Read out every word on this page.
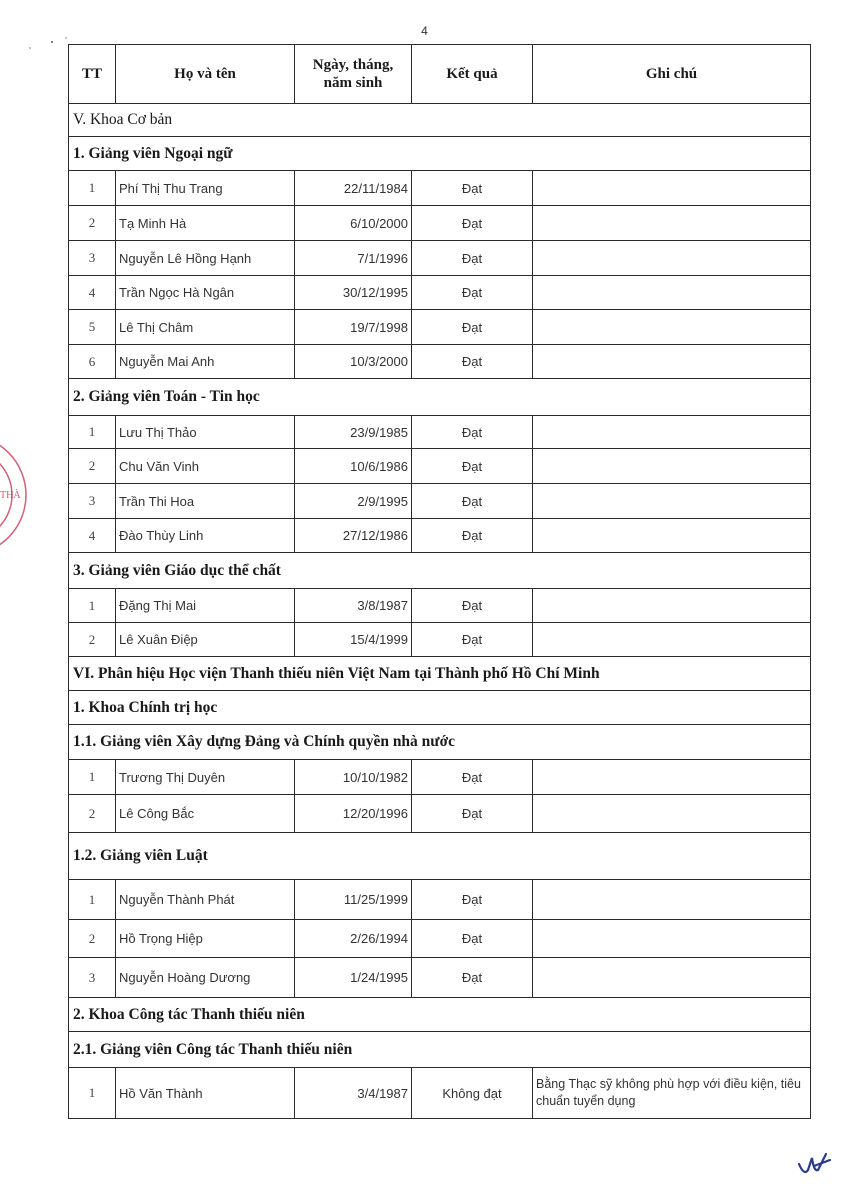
4
THÀ
TT	Họ và tên	Ngày, tháng, năm sinh	Kết quả	Ghi chú
V. Khoa Cơ bản				
1. Giảng viên Ngoại ngữ				
1	Phí Thị Thu Trang	22/11/1984	Đạt	
2	Tạ Minh Hà	6/10/2000	Đạt	
3	Nguyễn Lê Hồng Hạnh	7/1/1996	Đạt	
4	Trần Ngọc Hà Ngân	30/12/1995	Đạt	
5	Lê Thị Châm	19/7/1998	Đạt	
6	Nguyễn Mai Anh	10/3/2000	Đạt	
2. Giảng viên Toán - Tin học				
1	Lưu Thị Thảo	23/9/1985	Đạt	
2	Chu Văn Vinh	10/6/1986	Đạt	
3	Trần Thi Hoa	2/9/1995	Đạt	
4	Đào Thùy Linh	27/12/1986	Đạt	
3. Giảng viên Giáo dục thể chất				
1	Đặng Thị Mai	3/8/1987	Đạt	
2	Lê Xuân Điệp	15/4/1999	Đạt	
VI. Phân hiệu Học viện Thanh thiếu niên Việt Nam tại Thành phố Hồ Chí Minh				
1. Khoa Chính trị học				
1.1. Giảng viên Xây dựng Đảng và Chính quyền nhà nước				
1	Trương Thị Duyên	10/10/1982	Đạt	
2	Lê Công Bắc	12/20/1996	Đạt	
1.2. Giảng viên Luật				
1	Nguyễn Thành Phát	11/25/1999	Đạt	
2	Hồ Trọng Hiệp	2/26/1994	Đạt	
3	Nguyễn Hoàng Dương	1/24/1995	Đạt	
2. Khoa Công tác Thanh thiếu niên				
2.1. Giảng viên Công tác Thanh thiếu niên				
1	Hồ Văn Thành	3/4/1987	Không đạt	Bằng Thạc sỹ không phù hợp với điều kiện, tiêu chuẩn tuyển dụng
